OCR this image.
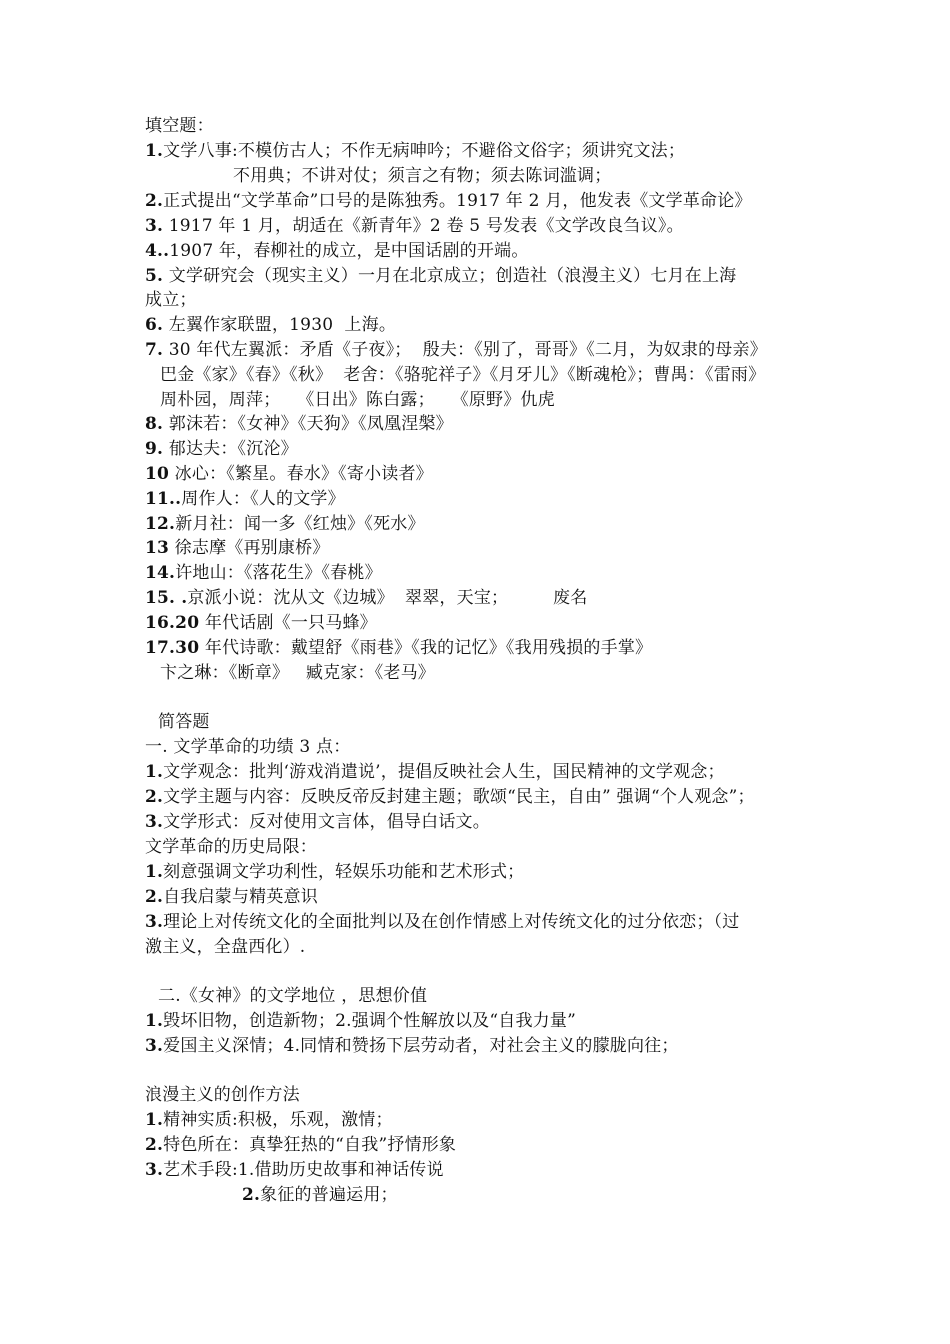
填空题：
1.文学八事:不模仿古人；不作无病呻吟；不避俗文俗字；须讲究文法；
不用典；不讲对仗；须言之有物；须去陈词滥调；
2.正式提出“文学革命”口号的是陈独秀。1917 年 2 月，他发表《文学革命论》
3. 1917 年 1 月，胡适在《新青年》2 卷 5 号发表《文学改良刍议》。
4..1907 年，春柳社的成立，是中国话剧的开端。
5. 文学研究会（现实主义）一月在北京成立；创造社（浪漫主义）七月在上海
成立；
6. 左翼作家联盟，1930  上海。
7. 30 年代左翼派：矛盾《子夜》；  殷夫：《别了，哥哥》《二月，为奴隶的母亲》
巴金《家》《春》《秋》  老舍：《骆驼祥子》《月牙儿》《断魂枪》；曹禺：《雷雨》
周朴园，周萍；   《日出》陈白露；   《原野》仇虎
8. 郭沫若：《女神》《天狗》《凤凰涅槃》
9. 郁达夫：《沉沦》
10 冰心：《繁星。春水》《寄小读者》
11..周作人：《人的文学》
12.新月社：闻一多《红烛》《死水》
13 徐志摩《再别康桥》
14.许地山：《落花生》《春桃》
15. .京派小说：沈从文《边城》  翠翠，天宝；        废名
16.20 年代话剧《一只马蜂》
17.30 年代诗歌：戴望舒《雨巷》《我的记忆》《我用残损的手掌》
卞之琳：《断章》   臧克家：《老马》
简答题
一. 文学革命的功绩 3 点：
1.文学观念：批判‘游戏消遣说’，提倡反映社会人生，国民精神的文学观念；
2.文学主题与内容：反映反帝反封建主题；歌颂“民主，自由” 强调“个人观念”；
3.文学形式：反对使用文言体，倡导白话文。
文学革命的历史局限：
1.刻意强调文学功利性，轻娱乐功能和艺术形式；
2.自我启蒙与精英意识
3.理论上对传统文化的全面批判以及在创作情感上对传统文化的过分依恋；（过
激主义，全盘西化）.
二.《女神》的文学地位 ，思想价值
1.毁坏旧物，创造新物；2.强调个性解放以及“自我力量”
3.爱国主义深情；4.同情和赞扬下层劳动者，对社会主义的朦胧向往；
浪漫主义的创作方法
1.精神实质:积极，乐观，激情；
2.特色所在：真挚狂热的“自我”抒情形象
3.艺术手段:1.借助历史故事和神话传说
2.象征的普遍运用；
